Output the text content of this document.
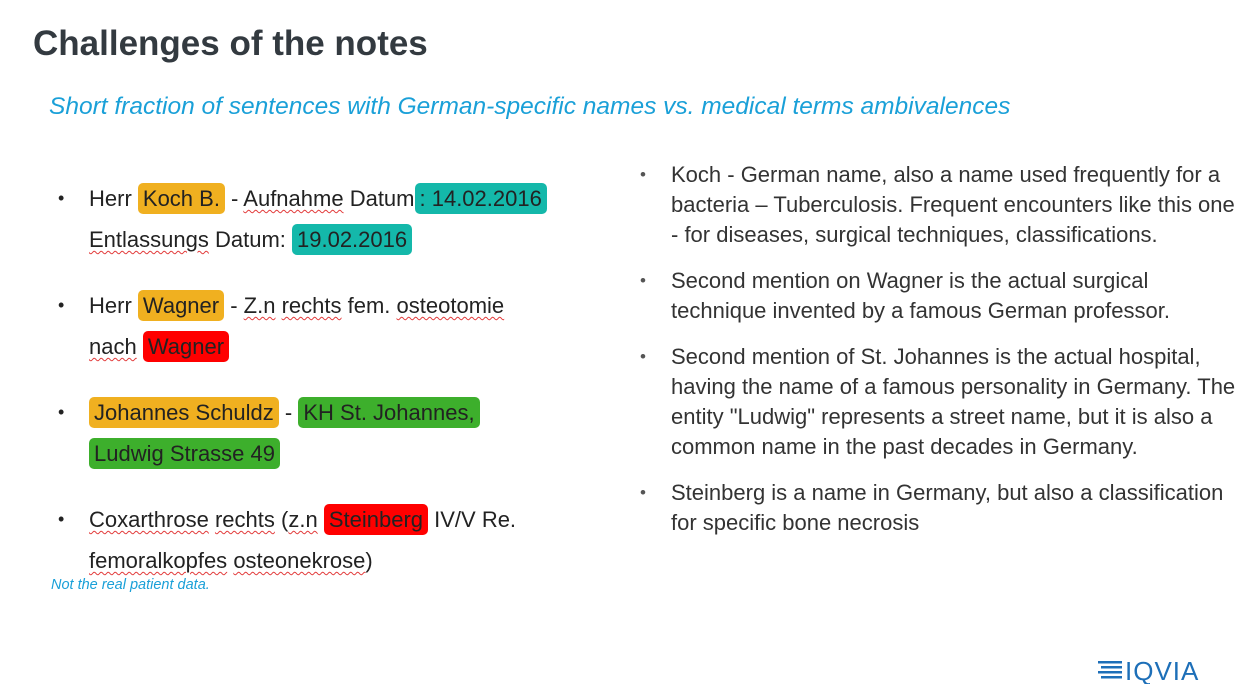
Challenges of the notes
Short fraction of sentences with German-specific names vs. medical terms ambivalences
• Herr Koch B. - Aufnahme Datum : 14.02.2016
Entlassungs Datum: 19.02.2016
• Herr Wagner - Z.n rechts fem. osteotomie
nach Wagner
• Johannes Schuldz - KH St. Johannes,
Ludwig Strasse 49
• Coxarthrose rechts (z.n Steinberg IV/V Re.
femoralkopfes osteonekrose)
Not the real patient data.
• Koch - German name, also a name used frequently for a bacteria – Tuberculosis. Frequent encounters like this one - for diseases, surgical techniques, classifications.
• Second mention on Wagner is the actual surgical technique invented by a famous German professor.
• Second mention of St. Johannes is the actual hospital, having the name of a famous personality in Germany. The entity "Ludwig" represents a street name, but it is also a common name in the past decades in Germany.
• Steinberg is a name in Germany, but also a classification for specific bone necrosis
IQVIA
